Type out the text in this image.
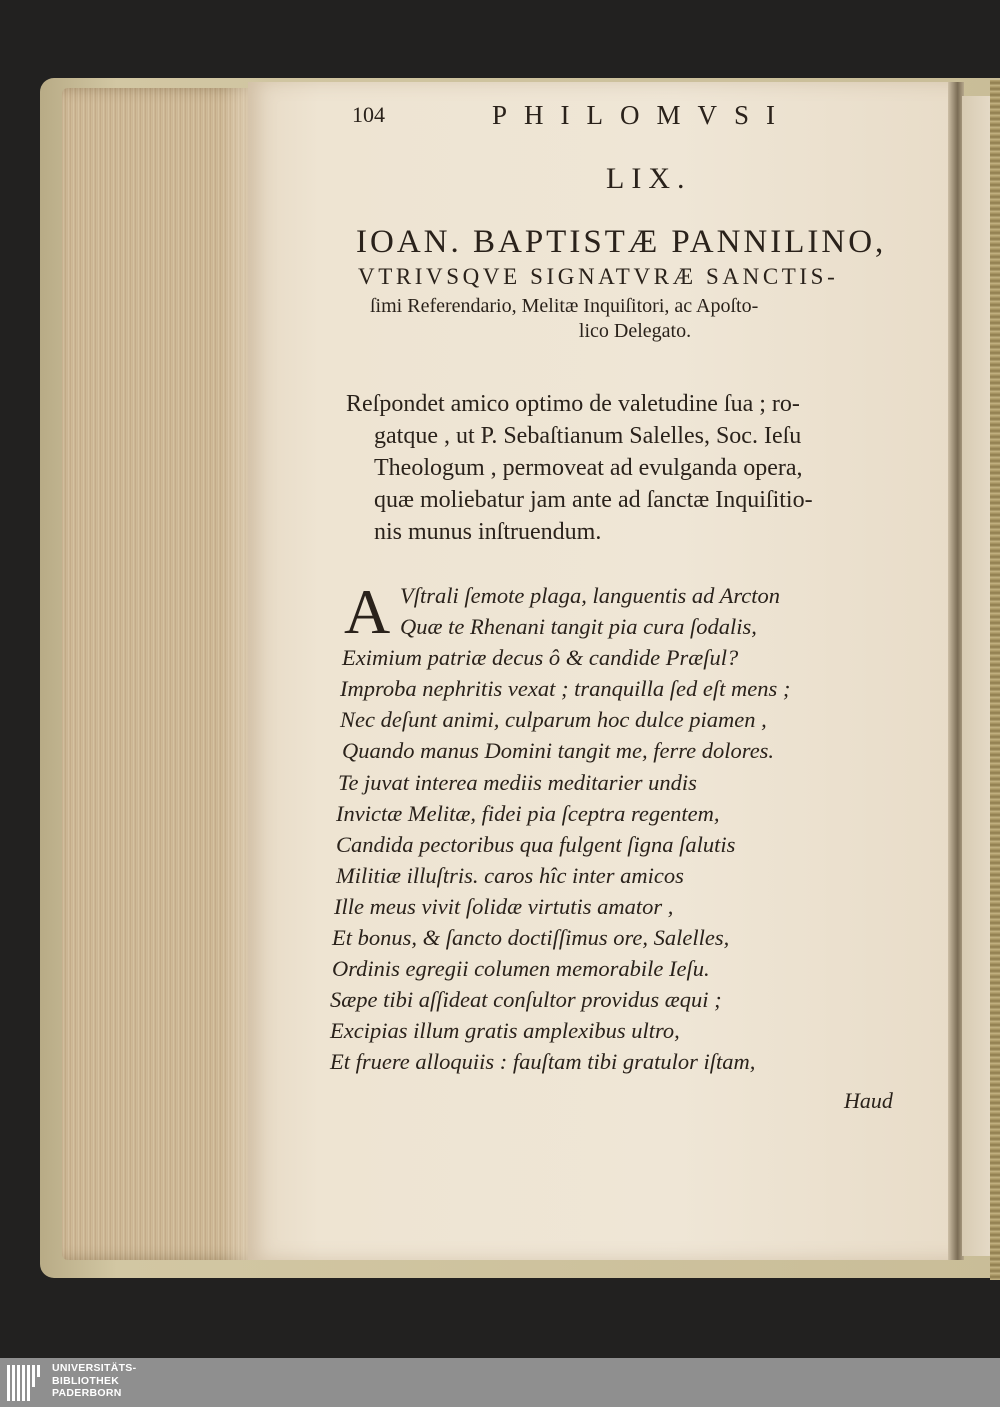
104	PHILOMVSI
LIX.
IOAN. BAPTISTÆ PANNILINO,
VTRIVSQVE SIGNATVRÆ SANCTIS-
ſimi Referendario, Melitæ Inquiſitori, ac Apoſto-
lico Delegato.
Reſpondet amico optimo de valetudine ſua ; ro-
gatque , ut P. Sebaſtianum Salelles, Soc. Ieſu
Theologum , permoveat ad evulganda opera,
quæ moliebatur jam ante ad ſanctæ Inquiſitio-
nis munus inſtruendum.
A Vſtrali ſemote plaga, languentis ad Arcton
Quæ te Rhenani tangit pia cura ſodalis,
Eximium patriæ decus ô & candide Præſul?
Improba nephritis vexat ; tranquilla ſed eſt mens ;
Nec deſunt animi, culparum hoc dulce piamen ,
Quando manus Domini tangit me, ferre dolores.
Te juvat interea mediis meditarier undis
Invictæ Melitæ, fidei pia ſceptra regentem,
Candida pectoribus qua fulgent ſigna ſalutis
Militiæ illuſtris. caros hîc inter amicos
Ille meus vivit ſolidæ virtutis amator ,
Et bonus, & ſancto doctiſſimus ore, Salelles,
Ordinis egregii columen memorabile Ieſu.
Sæpe tibi aſſideat conſultor providus æqui ;
Excipias illum gratis amplexibus ultro,
Et fruere alloquiis : fauſtam tibi gratulor iſtam,
Haud
UNIVERSITÄTS-
BIBLIOTHEK
PADERBORN
